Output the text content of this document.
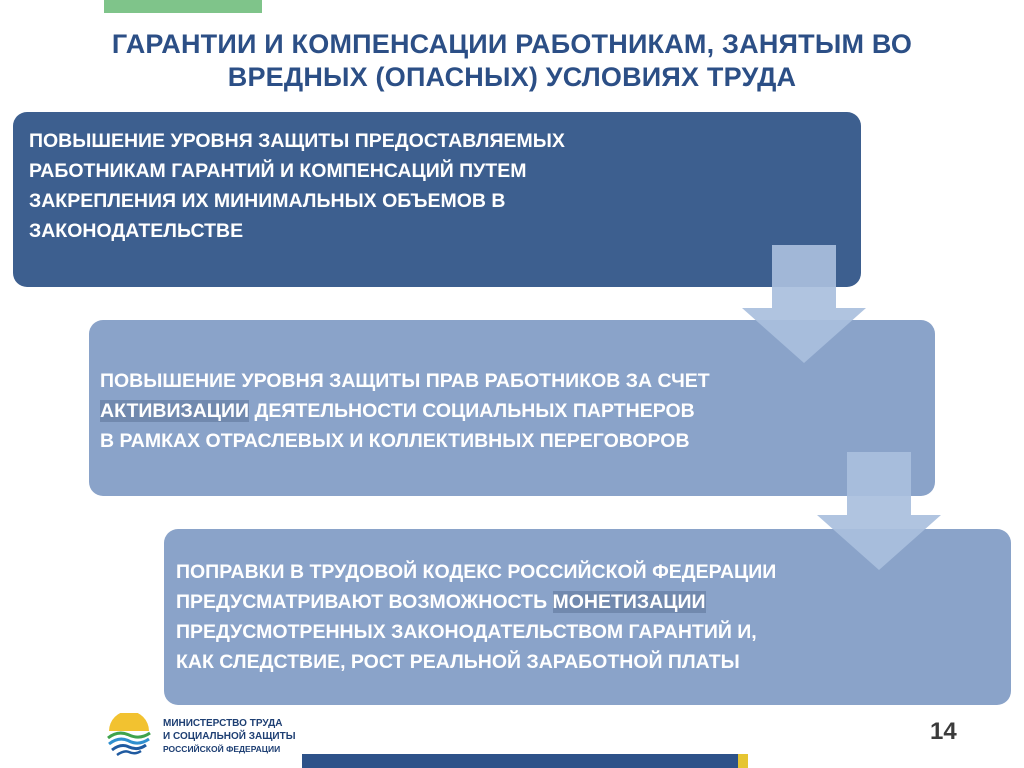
ГАРАНТИИ И КОМПЕНСАЦИИ РАБОТНИКАМ, ЗАНЯТЫМ ВО
ВРЕДНЫХ (ОПАСНЫХ) УСЛОВИЯХ ТРУДА
ПОВЫШЕНИЕ УРОВНЯ ЗАЩИТЫ ПРЕДОСТАВЛЯЕМЫХ
РАБОТНИКАМ ГАРАНТИЙ И КОМПЕНСАЦИЙ ПУТЕМ
ЗАКРЕПЛЕНИЯ ИХ МИНИМАЛЬНЫХ ОБЪЕМОВ В
ЗАКОНОДАТЕЛЬСТВЕ
ПОВЫШЕНИЕ УРОВНЯ ЗАЩИТЫ ПРАВ РАБОТНИКОВ ЗА СЧЕТ
АКТИВИЗАЦИИ ДЕЯТЕЛЬНОСТИ СОЦИАЛЬНЫХ ПАРТНЕРОВ
В РАМКАХ ОТРАСЛЕВЫХ И КОЛЛЕКТИВНЫХ ПЕРЕГОВОРОВ
ПОПРАВКИ В ТРУДОВОЙ КОДЕКС РОССИЙСКОЙ ФЕДЕРАЦИИ
ПРЕДУСМАТРИВАЮТ ВОЗМОЖНОСТЬ МОНЕТИЗАЦИИ
ПРЕДУСМОТРЕННЫХ ЗАКОНОДАТЕЛЬСТВОМ ГАРАНТИЙ И,
КАК СЛЕДСТВИЕ, РОСТ РЕАЛЬНОЙ ЗАРАБОТНОЙ ПЛАТЫ
МИНИСТЕРСТВО ТРУДА
И СОЦИАЛЬНОЙ ЗАЩИТЫ
РОССИЙСКОЙ ФЕДЕРАЦИИ
14
